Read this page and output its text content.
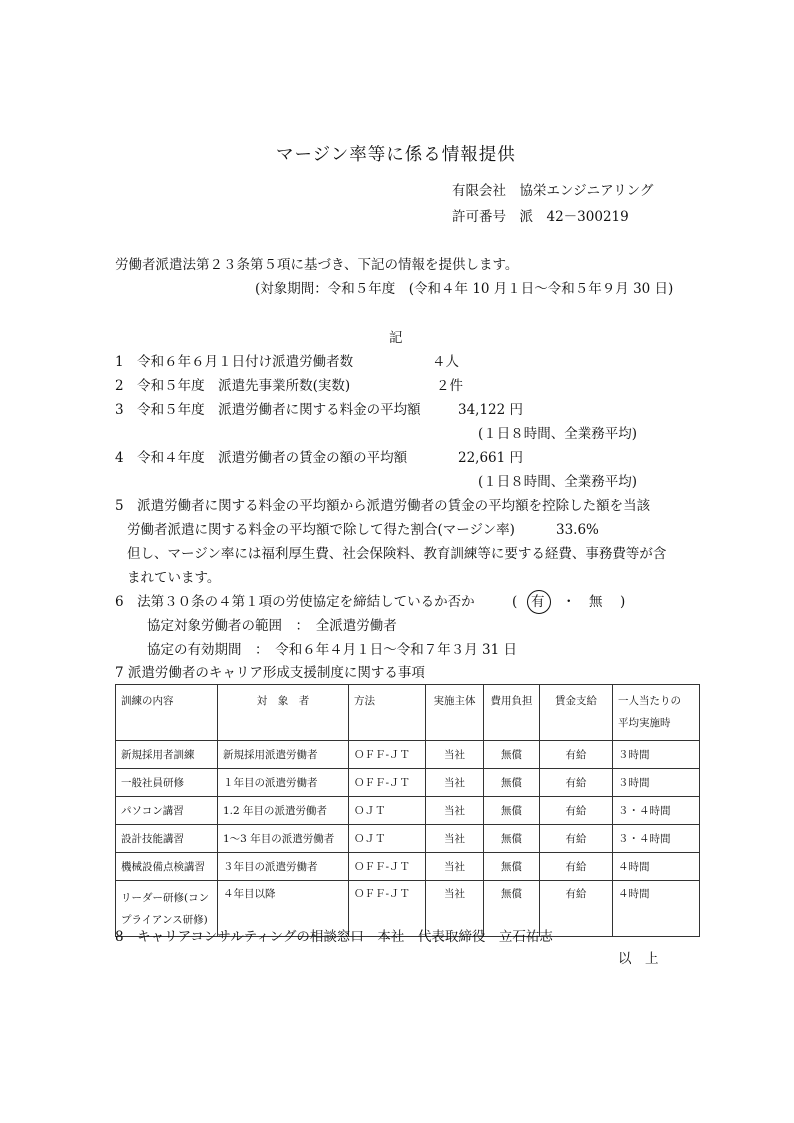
マージン率等に係る情報提供
有限会社　協栄エンジニアリング
許可番号　派　42－300219
労働者派遣法第２３条第５項に基づき、下記の情報を提供します。
(対象期間：令和５年度　(令和４年 10 月１日～令和５年９月 30 日)
記
1　令和６年６月１日付け派遣労働者数	４人
2　令和５年度　派遣先事業所数(実数)	２件
3　令和５年度　派遣労働者に関する料金の平均額	34,122 円
(１日８時間、全業務平均)
4　令和４年度　派遣労働者の賃金の額の平均額	22,661 円
(１日８時間、全業務平均)
5　派遣労働者に関する料金の平均額から派遣労働者の賃金の平均額を控除した額を当該
労働者派遣に関する料金の平均額で除して得た割合(マージン率)	33.6%
但し、マージン率には福利厚生費、社会保険料、教育訓練等に要する経費、事務費等が含
まれています。
6　法第３０条の４第１項の労使協定を締結しているか否か	( 有 ・ 無 )
協定対象労働者の範囲　：　全派遣労働者
協定の有効期間　：　令和６年４月１日～令和７年３月 31 日
7 派遣労働者のキャリア形成支援制度に関する事項
訓練の内容	対　象　者	方法	実施主体	費用負担	賃金支給	一人当たりの
平均実施時

新規採用者訓練	新規採用派遣労働者	ＯＦＦ-ＪＴ	当社	無償	有給	３時間
一般社員研修	１年目の派遣労働者	ＯＦＦ-ＪＴ	当社	無償	有給	３時間
パソコン講習	1.2 年目の派遣労働者	ＯＪＴ	当社	無償	有給	３・４時間
設計技能講習	1～3 年目の派遣労働者	ＯＪＴ	当社	無償	有給	３・４時間
機械設備点検講習	３年目の派遣労働者	ＯＦＦ-ＪＴ	当社	無償	有給	４時間

リーダー研修(コン
プライアンス研修)	４年目以降	ＯＦＦ-ＪＴ	当社	無償	有給	４時間
8　キャリアコンサルティングの相談窓口　本社　代表取締役　立石祐志
以　上
